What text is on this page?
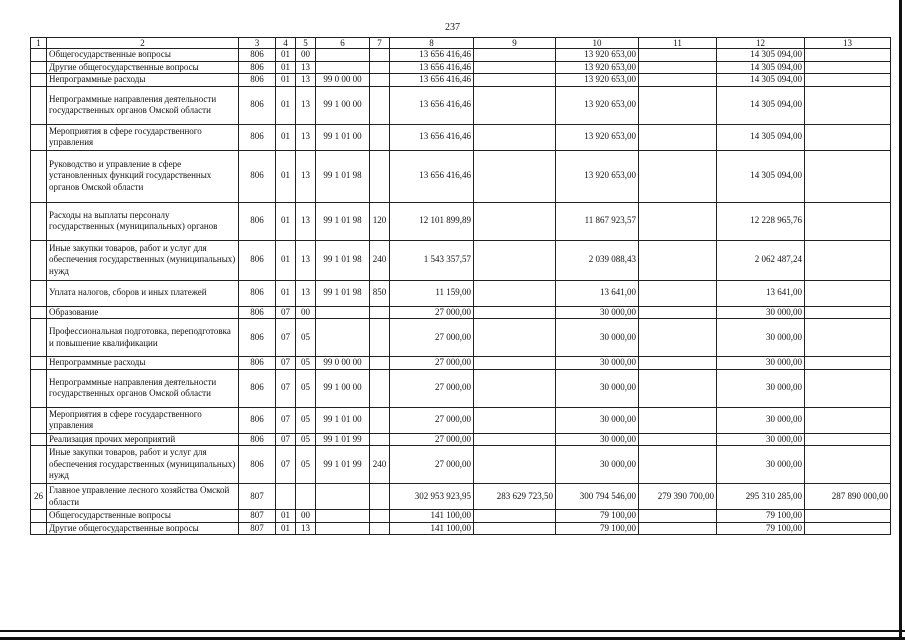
237
1	2	3	4	5	6	7	8	9	10	11	12	13
	Общегосударственные вопросы	806	01	00			13 656 416,46		13 920 653,00		14 305 094,00	
	Другие общегосударственные вопросы	806	01	13			13 656 416,46		13 920 653,00		14 305 094,00	
	Непрограммные расходы	806	01	13	99 0 00 00		13 656 416,46		13 920 653,00		14 305 094,00	
	Непрограммные направления деятельности государственных органов Омской области	806	01	13	99 1 00 00		13 656 416,46		13 920 653,00		14 305 094,00	
	Мероприятия в сфере государственного управления	806	01	13	99 1 01 00		13 656 416,46		13 920 653,00		14 305 094,00	
	Руководство и управление в сфере установленных функций государственных органов Омской области	806	01	13	99 1 01 98		13 656 416,46		13 920 653,00		14 305 094,00	
	Расходы на выплаты персоналу государственных (муниципальных) органов	806	01	13	99 1 01 98	120	12 101 899,89		11 867 923,57		12 228 965,76	
	Иные закупки товаров, работ и услуг для обеспечения государственных (муниципальных) нужд	806	01	13	99 1 01 98	240	1 543 357,57		2 039 088,43		2 062 487,24	
	Уплата налогов, сборов и иных платежей	806	01	13	99 1 01 98	850	11 159,00		13 641,00		13 641,00	
	Образование	806	07	00			27 000,00		30 000,00		30 000,00	
	Профессиональная подготовка, переподготовка и повышение квалификации	806	07	05			27 000,00		30 000,00		30 000,00	
	Непрограммные расходы	806	07	05	99 0 00 00		27 000,00		30 000,00		30 000,00	
	Непрограммные направления деятельности государственных органов Омской области	806	07	05	99 1 00 00		27 000,00		30 000,00		30 000,00	
	Мероприятия в сфере государственного управления	806	07	05	99 1 01 00		27 000,00		30 000,00		30 000,00	
	Реализация прочих мероприятий	806	07	05	99 1 01 99		27 000,00		30 000,00		30 000,00	
	Иные закупки товаров, работ и услуг для обеспечения государственных (муниципальных) нужд	806	07	05	99 1 01 99	240	27 000,00		30 000,00		30 000,00	
26	Главное управление лесного хозяйства Омской области	807					302 953 923,95	283 629 723,50	300 794 546,00	279 390 700,00	295 310 285,00	287 890 000,00
	Общегосударственные вопросы	807	01	00			141 100,00		79 100,00		79 100,00	
	Другие общегосударственные вопросы	807	01	13			141 100,00		79 100,00		79 100,00	
